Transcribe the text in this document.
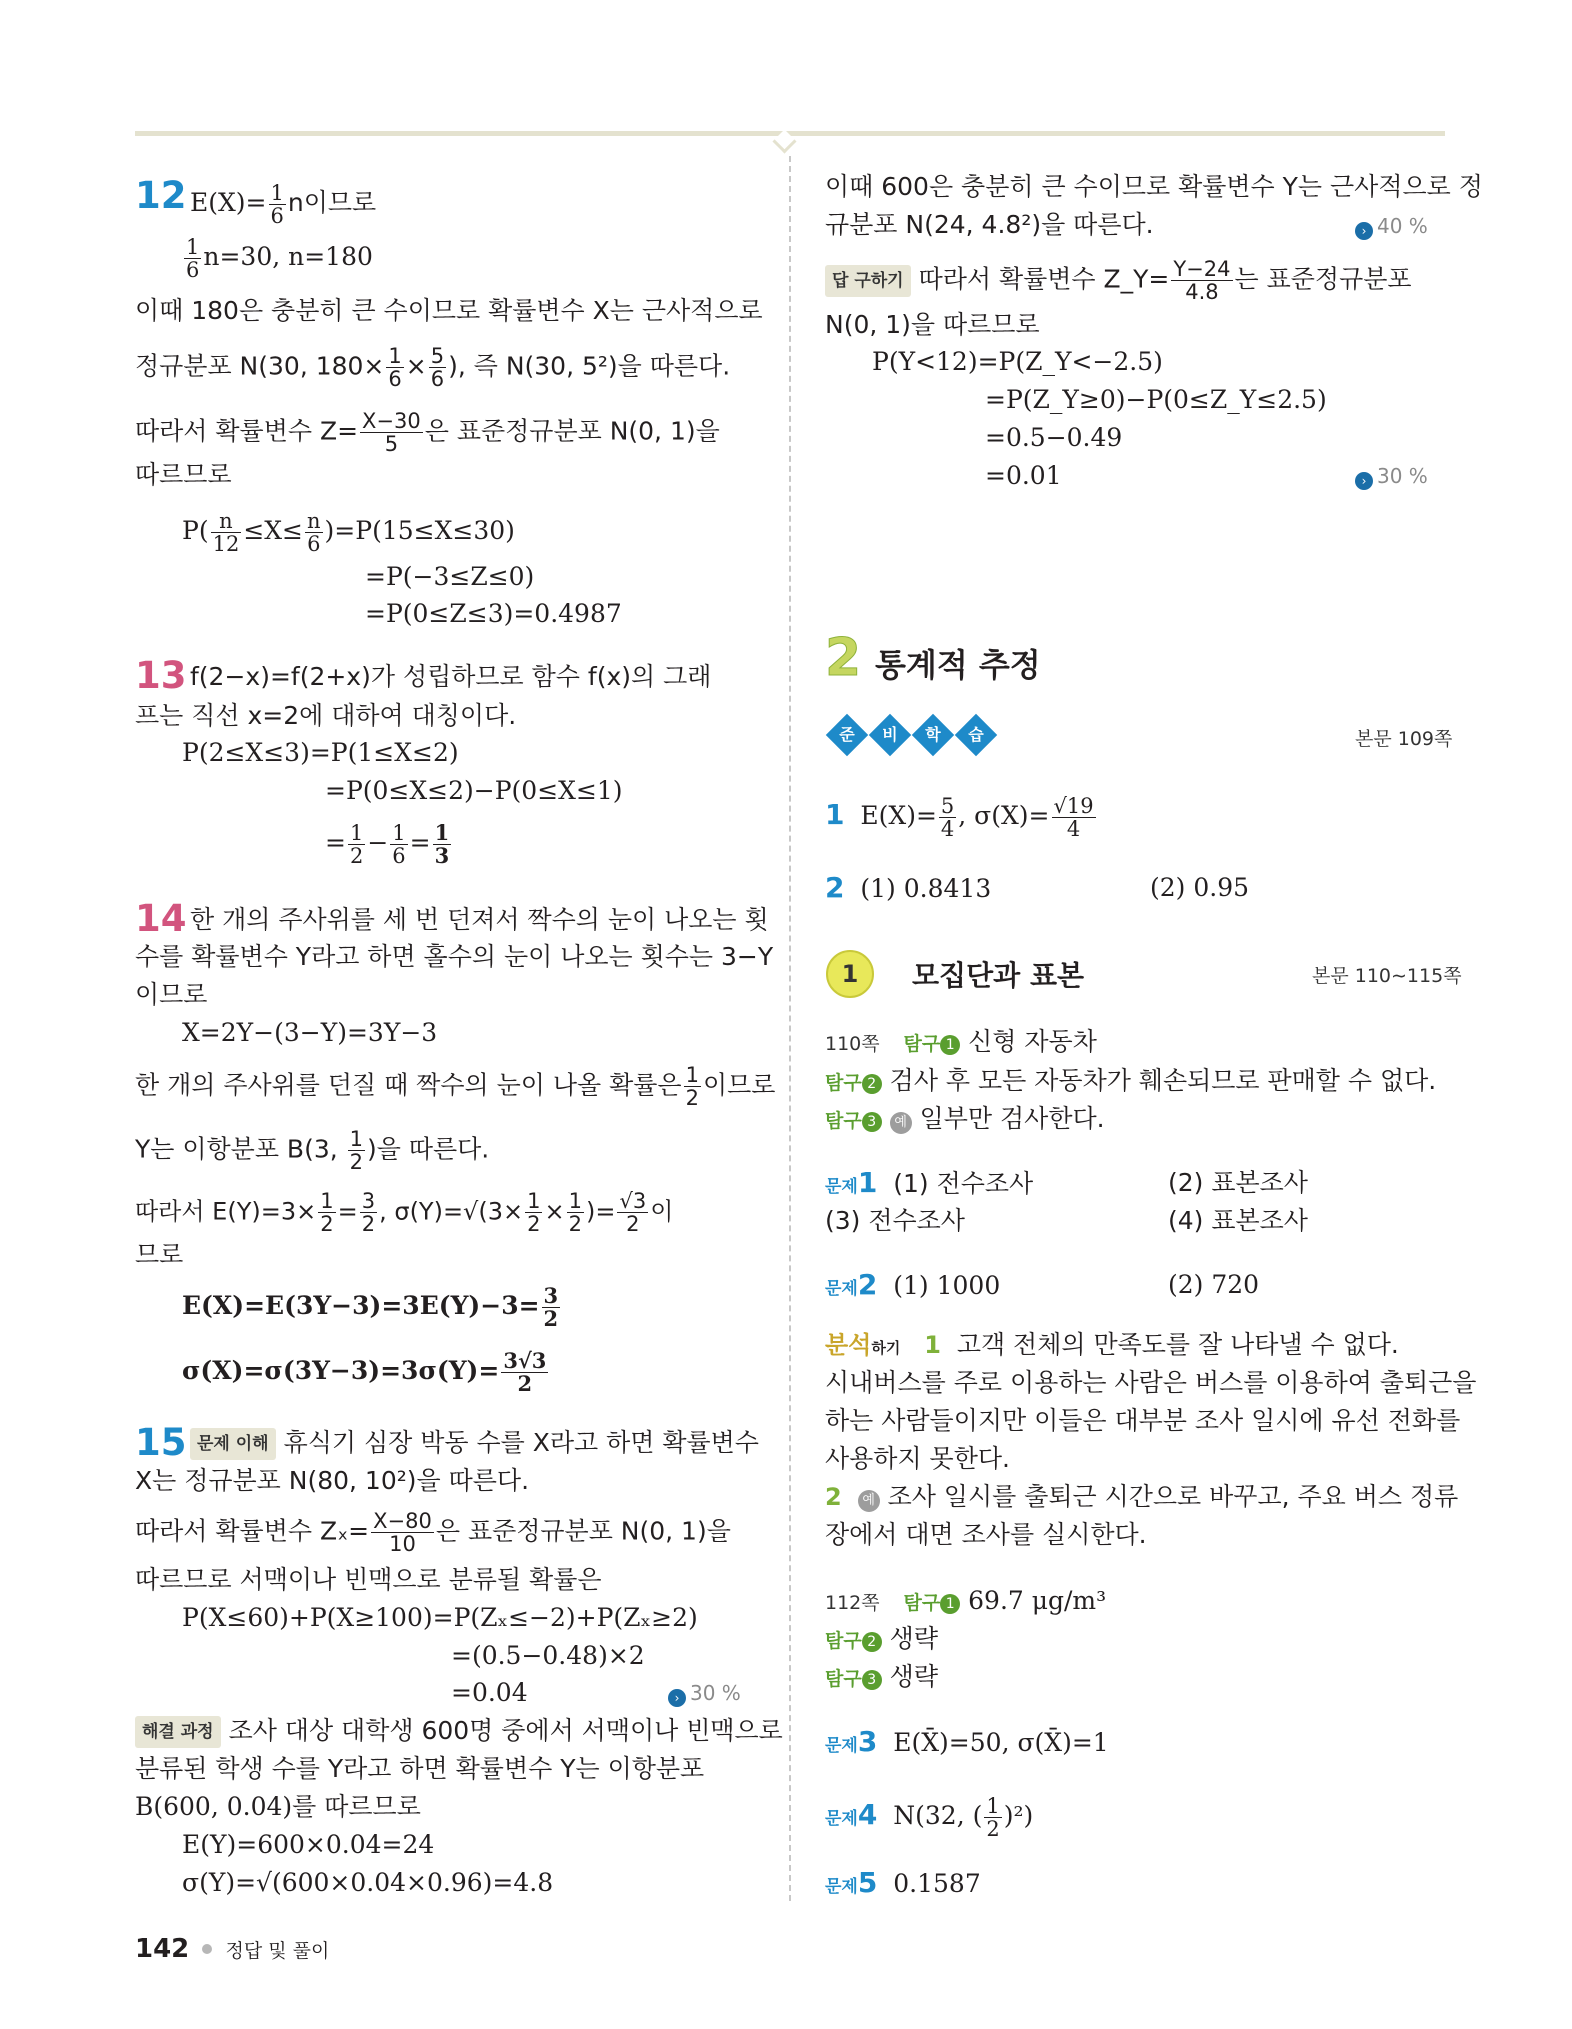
12 $E(X)= \frac{1}{6}$ n이므로
$\frac{1}{6} n=30$, n=180
이때 180은 충분히 큰 수이므로 확률변수 X는 근사적으로
정규분포 N(30, $180\times \frac{1}{6} \times \frac{5}{6}$ ), 즉 N(30, 5²)을 따른다.
따라서 확률변수 $Z= \frac{X-30}{5}$ 은 표준정규분포 N(0, 1)을
따르므로
$P( \frac{n}{12} \le X\le \frac{n}{6} )=P(15\le X\le 30)$
=P(−3≤Z≤0)
=P(0≤Z≤3)=0.4987
13 f(2−x)=f(2+x)가 성립하므로 함수 f(x)의 그래
프는 직선 x=2에 대하여 대칭이다.
P(2≤X≤3)=P(1≤X≤2)
=P(0≤X≤2)−P(0≤X≤1)
= $\frac{1}{2} - \frac{1}{6} = \frac{1}{3}$
14 한 개의 주사위를 세 번 던져서 짝수의 눈이 나오는 횟
수를 확률변수 Y라고 하면 홀수의 눈이 나오는 횟수는 3−Y
이므로
X=2Y−(3−Y)=3Y−3
한 개의 주사위를 던질 때 짝수의 눈이 나올 확률은 $\frac{1}{2}$ 이므로
Y는 이항분포 B(3, $\frac{1}{2}$ )을 따른다.
따라서 $E(Y)=3\times \frac{1}{2} = \frac{3}{2}$ , $\sigma(Y)=√(3\times \frac{1}{2} \times \frac{1}{2}$ )= $\frac{√3}{2}$ 이
므로
$E(X)=E(3Y-3)=3E(Y)-3= \frac{3}{2}$
$\sigma(X)=\sigma(3Y-3)=3\sigma(Y)= \frac{3√3}{2}$
15 문제 이해 휴식기 심장 박동 수를 X라고 하면 확률변수
X는 정규분포 N(80, 10²)을 따른다.
따라서 확률변수 $Z_x= \frac{X-80}{10}$ 은 표준정규분포 N(0, 1)을
따르므로 서맥이나 빈맥으로 분류될 확률은
P(X≤60)+P(X≥100)=P(Zₓ≤−2)+P(Zₓ≥2)
=(0.5−0.48)×2
=0.04	› 30 %
해결 과정 조사 대상 대학생 600명 중에서 서맥이나 빈맥으로
분류된 학생 수를 Y라고 하면 확률변수 Y는 이항분포
B(600, 0.04)를 따르므로
E(Y)=600×0.04=24
σ(Y)=√(600×0.04×0.96)=4.8
이때 600은 충분히 큰 수이므로 확률변수 Y는 근사적으로 정
규분포 N(24, 4.8²)을 따른다.	› 40 %
답 구하기 따라서 확률변수 Z_Y= $\frac{Y-24}{4.8}$ 는 표준정규분포
N(0, 1)을 따르므로
P(Y<12)=P(Z_Y<−2.5)
=P(Z_Y≥0)−P(0≤Z_Y≤2.5)
=0.5−0.49
=0.01	› 30 %
2 통계적 추정
준
	비
	학
	습	본문 109쪽
1 $E(X)= \frac{5}{4}$ , $\sigma(X)= \frac{√19}{4}$
2 (1) 0.8413	(2) 0.95
1	모집단과 표본	본문 110∼115쪽
110쪽 탐구 1 신형 자동차
탐구 2 검사 후 모든 자동차가 훼손되므로 판매할 수 없다.
탐구 3 예 일부만 검사한다.
문제1 (1) 전수조사	(2) 표본조사
(3) 전수조사	(4) 표본조사
문제2 (1) 1000	(2) 720
분석하기 1 고객 전체의 만족도를 잘 나타낼 수 없다.
시내버스를 주로 이용하는 사람은 버스를 이용하여 출퇴근을
하는 사람들이지만 이들은 대부분 조사 일시에 유선 전화를
사용하지 못한다.
2 예 조사 일시를 출퇴근 시간으로 바꾸고, 주요 버스 정류
장에서 대면 조사를 실시한다.
112쪽 탐구 1 69.7 μg/m³
탐구 2 생략
탐구 3 생략
문제3 E(X̄)=50, σ(X̄)=1
문제4 N(32, ( $\frac{1}{2} )^2$)
문제5 0.1587
142 정답 및 풀이
